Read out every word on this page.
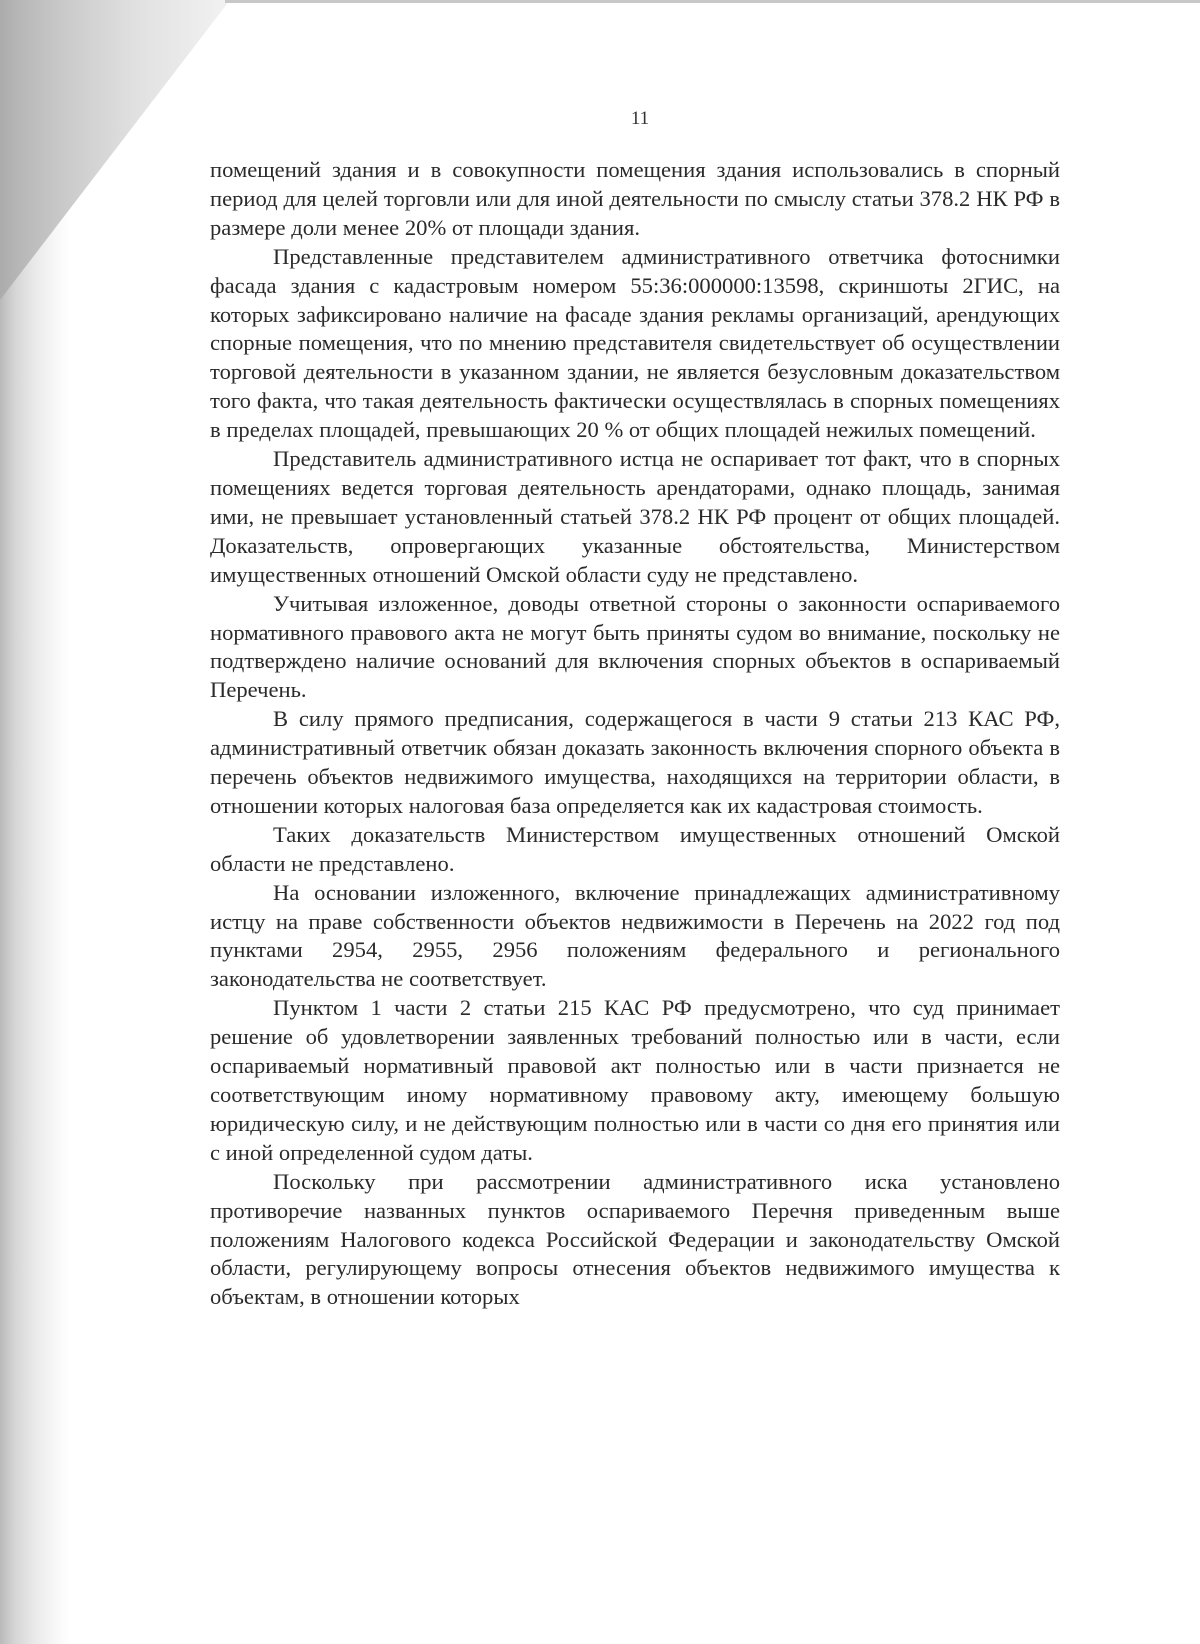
11

помещений здания и в совокупности помещения здания использовались в спорный период для целей торговли или для иной деятельности по смыслу статьи 378.2 НК РФ в размере доли менее 20% от площади здания.

Представленные представителем административного ответчика фотоснимки фасада здания с кадастровым номером 55:36:000000:13598, скриншоты 2ГИС, на которых зафиксировано наличие на фасаде здания рекламы организаций, арендующих спорные помещения, что по мнению представителя свидетельствует об осуществлении торговой деятельности в указанном здании, не является безусловным доказательством того факта, что такая деятельность фактически осуществлялась в спорных помещениях в пределах площадей, превышающих 20 % от общих площадей нежилых помещений.

Представитель административного истца не оспаривает тот факт, что в спорных помещениях ведется торговая деятельность арендаторами, однако площадь, занимая ими, не превышает установленный статьей 378.2 НК РФ процент от общих площадей. Доказательств, опровергающих указанные обстоятельства, Министерством имущественных отношений Омской области суду не представлено.

Учитывая изложенное, доводы ответной стороны о законности оспариваемого нормативного правового акта не могут быть приняты судом во внимание, поскольку не подтверждено наличие оснований для включения спорных объектов в оспариваемый Перечень.

В силу прямого предписания, содержащегося в части 9 статьи 213 КАС РФ, административный ответчик обязан доказать законность включения спорного объекта в перечень объектов недвижимого имущества, находящихся на территории области, в отношении которых налоговая база определяется как их кадастровая стоимость.

Таких доказательств Министерством имущественных отношений Омской области не представлено.

На основании изложенного, включение принадлежащих административному истцу на праве собственности объектов недвижимости в Перечень на 2022 год под пунктами 2954, 2955, 2956 положениям федерального и регионального законодательства не соответствует.

Пунктом 1 части 2 статьи 215 КАС РФ предусмотрено, что суд принимает решение об удовлетворении заявленных требований полностью или в части, если оспариваемый нормативный правовой акт полностью или в части признается не соответствующим иному нормативному правовому акту, имеющему большую юридическую силу, и не действующим полностью или в части со дня его принятия или с иной определенной судом даты.

Поскольку при рассмотрении административного иска установлено противоречие названных пунктов оспариваемого Перечня приведенным выше положениям Налогового кодекса Российской Федерации и законодательству Омской области, регулирующему вопросы отнесения объектов недвижимого имущества к объектам, в отношении которых
